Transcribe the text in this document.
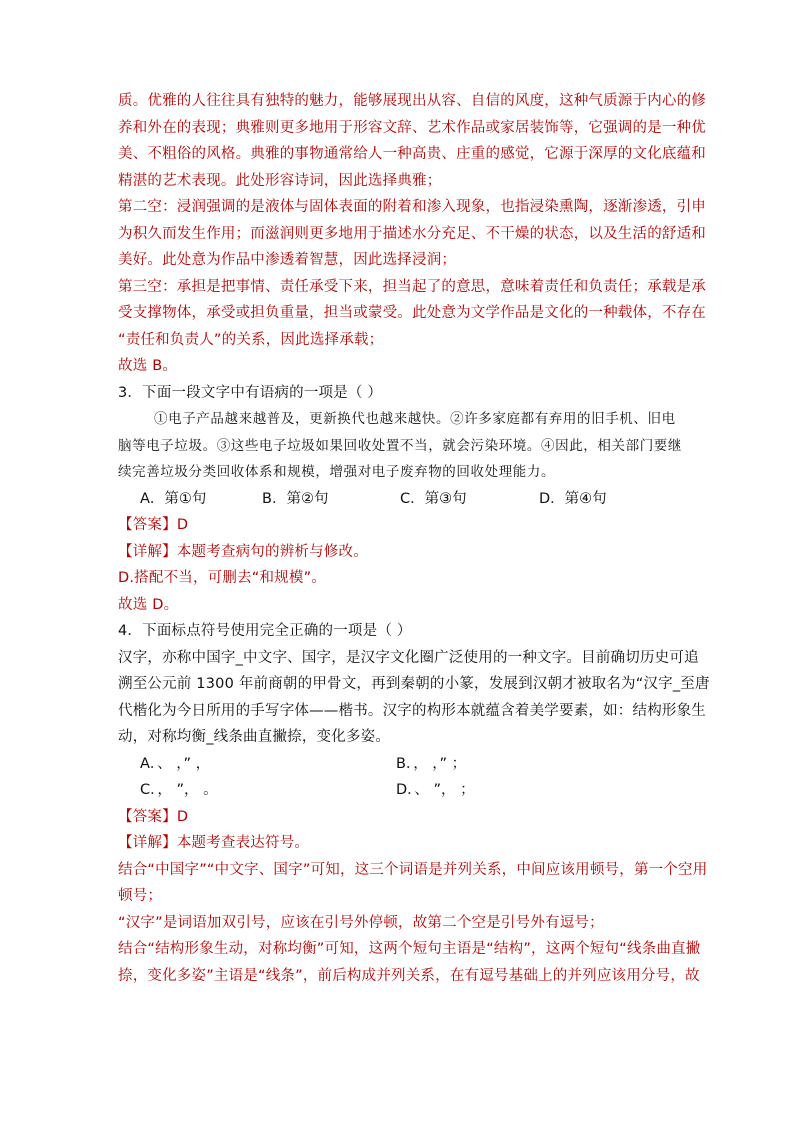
质。优雅的人往往具有独特的魅力，能够展现出从容、自信的风度，这种气质源于内心的修
养和外在的表现；典雅则更多地用于形容文辞、艺术作品或家居装饰等，它强调的是一种优
美、不粗俗的风格。典雅的事物通常给人一种高贵、庄重的感觉，它源于深厚的文化底蕴和
精湛的艺术表现。此处形容诗词，因此选择典雅；
第二空：浸润强调的是液体与固体表面的附着和渗入现象，也指浸染熏陶，逐渐渗透，引申
为积久而发生作用；而滋润则更多地用于描述水分充足、不干燥的状态，以及生活的舒适和
美好。此处意为作品中渗透着智慧，因此选择浸润；
第三空：承担是把事情、责任承受下来，担当起了的意思，意味着责任和负责任；承载是承
受支撑物体，承受或担负重量，担当或蒙受。此处意为文学作品是文化的一种载体，不存在
“责任和负责人”的关系，因此选择承载；
故选 B。
3．下面一段文字中有语病的一项是（ ）
①电子产品越来越普及，更新换代也越来越快。②许多家庭都有弃用的旧手机、旧电
脑等电子垃圾。③这些电子垃圾如果回收处置不当，就会污染环境。④因此，相关部门要继
续完善垃圾分类回收体系和规模，增强对电子废弃物的回收处理能力。
A．第①句	B．第②句	C．第③句	D．第④句
【答案】D
【详解】本题考查病句的辨析与修改。
D.搭配不当，可删去“和规模”。
故选 D。
4．下面标点符号使用完全正确的一项是（ ）
汉字，亦称中国字_中文字、国字，是汉字文化圈广泛使用的一种文字。目前确切历史可追
溯至公元前 1300 年前商朝的甲骨文，再到秦朝的小篆，发展到汉朝才被取名为“汉字_至唐
代楷化为今日所用的手写字体——楷书。汉字的构形本就蕴含着美学要素，如：结构形象生
动，对称均衡_线条曲直撇捺，变化多姿。
A．、 ，” ，	B．， ，” ；
C．， ”， 。	D．、 ”， ；
【答案】D
【详解】本题考查表达符号。
结合“中国字”“中文字、国字”可知，这三个词语是并列关系，中间应该用顿号，第一个空用
顿号；
“汉字”是词语加双引号，应该在引号外停顿，故第二个空是引号外有逗号；
结合“结构形象生动，对称均衡”可知，这两个短句主语是“结构”，这两个短句“线条曲直撇
捺，变化多姿”主语是“线条”，前后构成并列关系，在有逗号基础上的并列应该用分号，故
